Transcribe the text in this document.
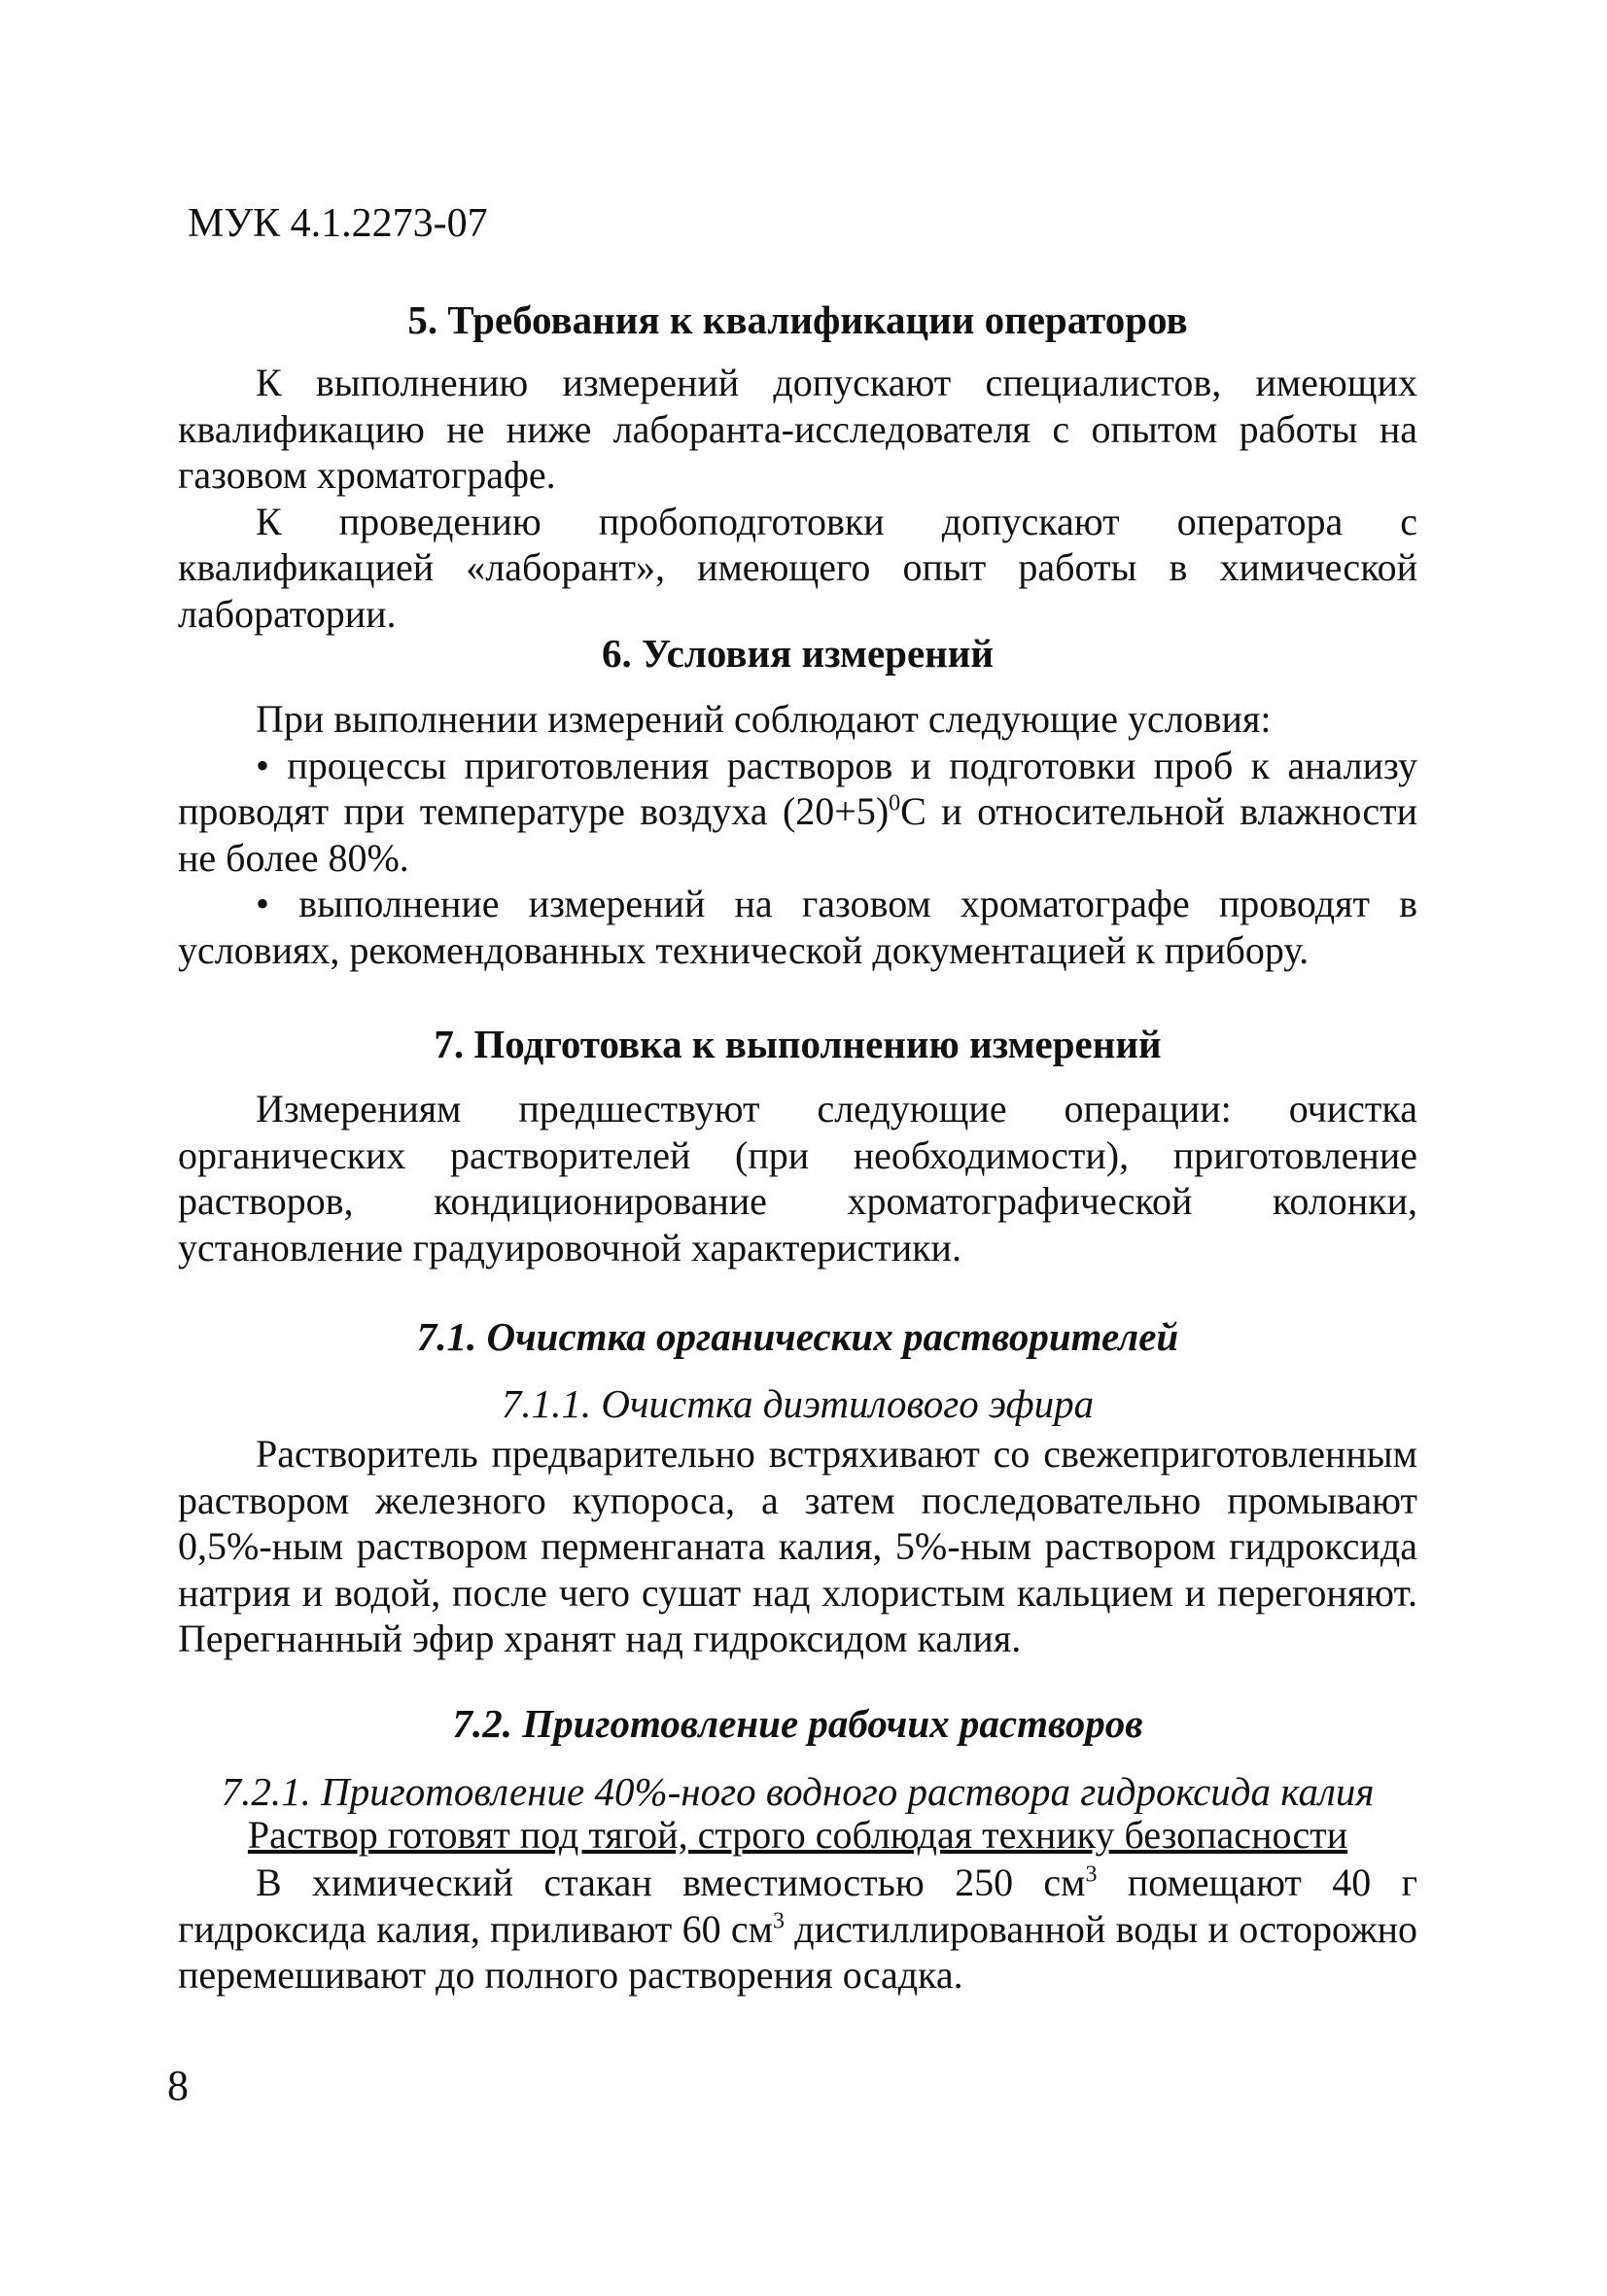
МУК 4.1.2273-07
5. Требования к квалификации операторов

К выполнению измерений допускают специалистов, имеющих квалификацию не ниже лаборанта-исследователя с опытом работы на газовом хроматографе.

К проведению пробоподготовки допускают оператора с квалификацией «лаборант», имеющего опыт работы в химической лаборатории.

6. Условия измерений

При выполнении измерений соблюдают следующие условия:

• процессы приготовления растворов и подготовки проб к анализу проводят при температуре воздуха $(20+5)^0С$ и относительной влажности не более 80%.

• выполнение измерений на газовом хроматографе проводят в условиях, рекомендованных технической документацией к прибору.

7. Подготовка к выполнению измерений

Измерениям предшествуют следующие операции: очистка органических растворителей (при необходимости), приготовление растворов, кондиционирование хроматографической колонки, установление градуировочной характеристики.

7.1. Очистка органических растворителей
7.1.1. Очистка диэтилового эфира

Растворитель предварительно встряхивают со свежеприготовленным раствором железного купороса, а затем последовательно промывают 0,5%-ным раствором перменганата калия, 5%-ным раствором гидроксида натрия и водой, после чего сушат над хлористым кальцием и перегоняют. Перегнанный эфир хранят над гидроксидом калия.

7.2. Приготовление рабочих растворов
7.2.1. Приготовление 40%-ного водного раствора гидроксида калия
Раствор готовят под тягой, строго соблюдая технику безопасности

В химический стакан вместимостью 250 $см^3$ помещают 40 г гидроксида калия, приливают 60 $см^3$ дистиллированной воды и осторожно перемешивают до полного растворения осадка.

8
